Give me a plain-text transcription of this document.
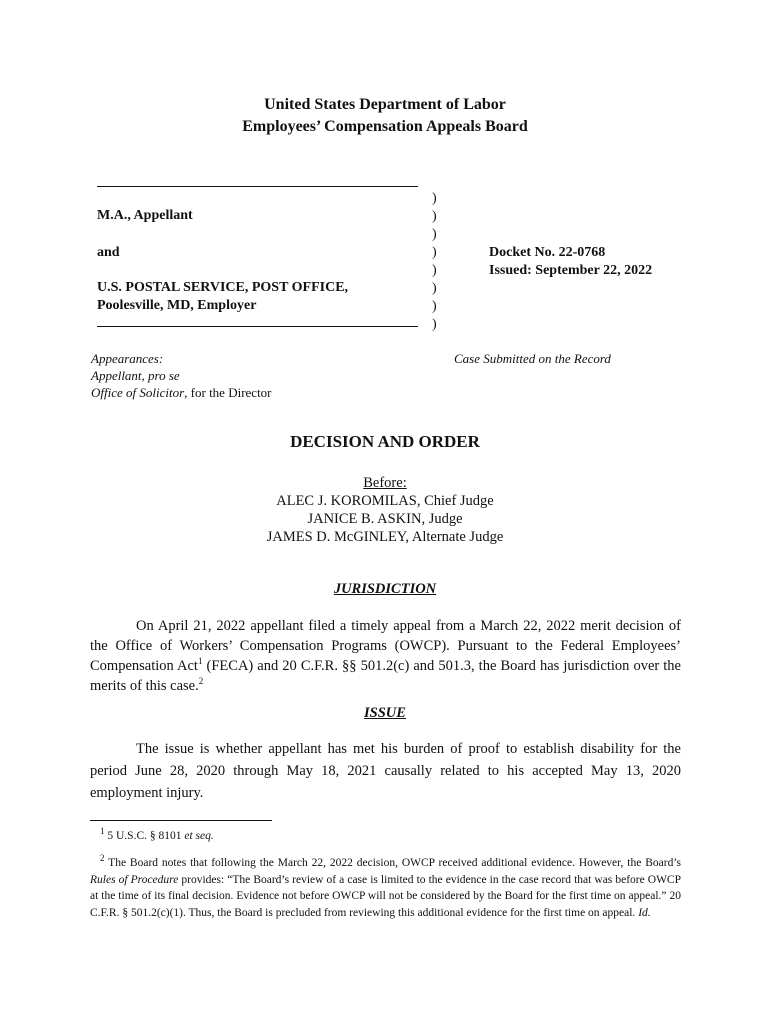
United States Department of Labor
Employees’ Compensation Appeals Board
M.A., Appellant
and
U.S. POSTAL SERVICE, POST OFFICE,
Poolesville, MD, Employer
)
)
)
)
)
)
)
)
Docket No. 22-0768
Issued: September 22, 2022
Appearances:
Appellant, pro se
Office of Solicitor, for the Director
Case Submitted on the Record
DECISION AND ORDER
Before:
ALEC J. KOROMILAS, Chief Judge
JANICE B. ASKIN, Judge
JAMES D. McGINLEY, Alternate Judge
JURISDICTION
On April 21, 2022 appellant filed a timely appeal from a March 22, 2022 merit decision of the Office of Workers’ Compensation Programs (OWCP). Pursuant to the Federal Employees’ Compensation Act$^1$ (FECA) and 20 C.F.R. §§ 501.2(c) and 501.3, the Board has jurisdiction over the merits of this case.$^2$
ISSUE
The issue is whether appellant has met his burden of proof to establish disability for the period June 28, 2020 through May 18, 2021 causally related to his accepted May 13, 2020 employment injury.
$^1$ 5 U.S.C. § 8101 et seq.
$^2$ The Board notes that following the March 22, 2022 decision, OWCP received additional evidence. However, the Board’s Rules of Procedure provides: “The Board’s review of a case is limited to the evidence in the case record that was before OWCP at the time of its final decision. Evidence not before OWCP will not be considered by the Board for the first time on appeal.” 20 C.F.R. § 501.2(c)(1). Thus, the Board is precluded from reviewing this additional evidence for the first time on appeal. Id.
